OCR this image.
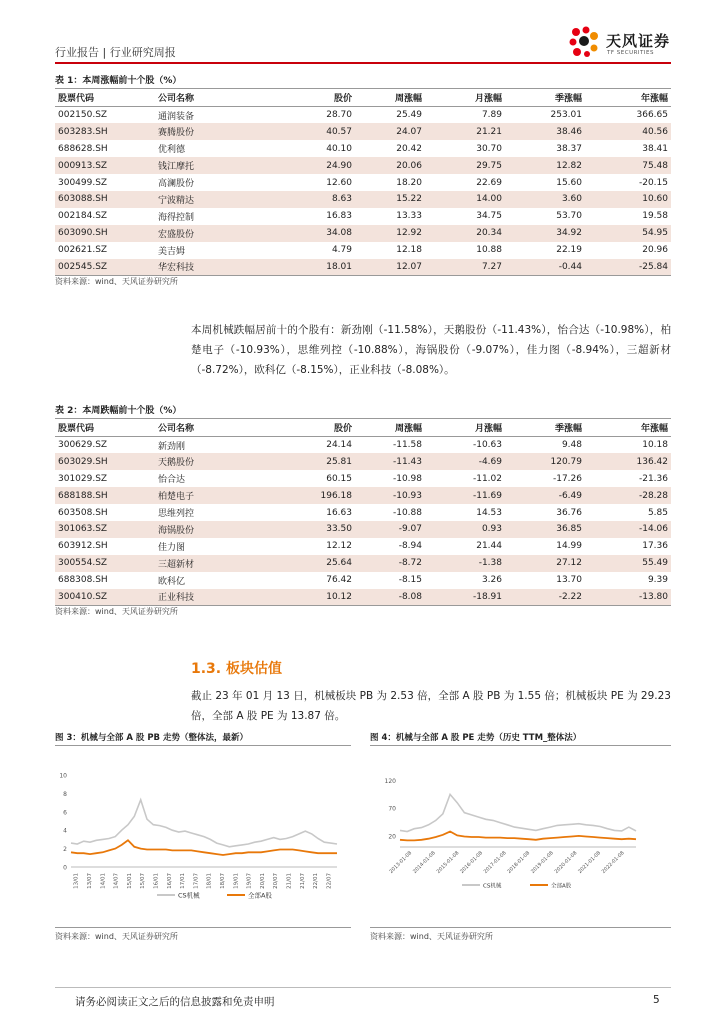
行业报告 | 行业研究周报
天风证券
TF SECURITIES
表 1：本周涨幅前十个股（%）
股票代码	公司名称	股价	周涨幅	月涨幅	季涨幅	年涨幅
002150.SZ	通润装备	28.70	25.49	7.89	253.01	366.65
603283.SH	赛腾股份	40.57	24.07	21.21	38.46	40.56
688628.SH	优利德	40.10	20.42	30.70	38.37	38.41
000913.SZ	钱江摩托	24.90	20.06	29.75	12.82	75.48
300499.SZ	高澜股份	12.60	18.20	22.69	15.60	-20.15
603088.SH	宁波精达	8.63	15.22	14.00	3.60	10.60
002184.SZ	海得控制	16.83	13.33	34.75	53.70	19.58
603090.SH	宏盛股份	34.08	12.92	20.34	34.92	54.95
002621.SZ	美吉姆	4.79	12.18	10.88	22.19	20.96
002545.SZ	华宏科技	18.01	12.07	7.27	-0.44	-25.84
资料来源：wind、天风证券研究所
本周机械跌幅居前十的个股有：新劲刚（-11.58%），天鹅股份（-11.43%），怡合达（-10.98%），柏楚电子（-10.93%），思维列控（-10.88%），海锅股份（-9.07%），佳力图（-8.94%），三超新材（-8.72%），欧科亿（-8.15%），正业科技（-8.08%）。
表 2：本周跌幅前十个股（%）
股票代码	公司名称	股价	周涨幅	月涨幅	季涨幅	年涨幅
300629.SZ	新劲刚	24.14	-11.58	-10.63	9.48	10.18
603029.SH	天鹅股份	25.81	-11.43	-4.69	120.79	136.42
301029.SZ	怡合达	60.15	-10.98	-11.02	-17.26	-21.36
688188.SH	柏楚电子	196.18	-10.93	-11.69	-6.49	-28.28
603508.SH	思维列控	16.63	-10.88	14.53	36.76	5.85
301063.SZ	海锅股份	33.50	-9.07	0.93	36.85	-14.06
603912.SH	佳力图	12.12	-8.94	21.44	14.99	17.36
300554.SZ	三超新材	25.64	-8.72	-1.38	27.12	55.49
688308.SH	欧科亿	76.42	-8.15	3.26	13.70	9.39
300410.SZ	正业科技	10.12	-8.08	-18.91	-2.22	-13.80
资料来源：wind、天风证券研究所
1.3. 板块估值
截止 23 年 01 月 13 日，机械板块 PB 为 2.53 倍，全部 A 股 PB 为 1.55 倍；机械板块 PE 为 29.23 倍，全部 A 股 PE 为 13.87 倍。
图 3：机械与全部 A 股 PB 走势（整体法，最新）
0
2
4
6
8
10
13/01 13/07 14/01 14/07 15/01 15/07 16/01 16/07 17/01 17/07 18/01 18/07 19/01 19/07 20/01 20/07 21/01 21/07 22/01 22/07
CS机械	全部A股
资料来源：wind、天风证券研究所
图 4：机械与全部 A 股 PE 走势（历史 TTM_整体法）
20
70
120
2013-01-08
2014-01-08
2015-01-08
2016-01-08
2017-01-08
2018-01-08
2019-01-08
2020-01-08
2021-01-08
2022-01-08
CS机械	全部A股
资料来源：wind、天风证券研究所
请务必阅读正文之后的信息披露和免责申明	5
